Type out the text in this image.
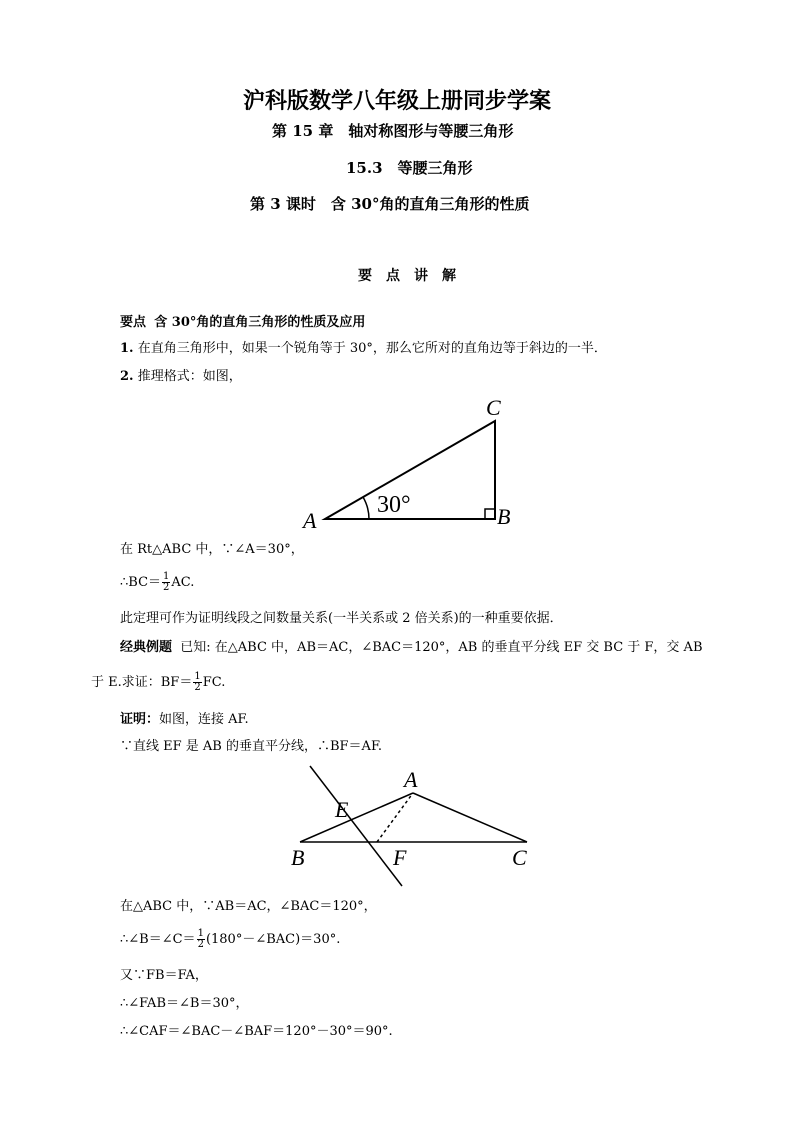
沪科版数学八年级上册同步学案
第 15 章　轴对称图形与等腰三角形
15.3　等腰三角形
第 3 课时　含 30°角的直角三角形的性质
要　点　讲　解
要点 含 30°角的直角三角形的性质及应用
1. 在直角三角形中，如果一个锐角等于 30°，那么它所对的直角边等于斜边的一半．
2. 推理格式：如图，
30°
A	B
C
在 Rt△ABC 中，∵∠A＝30°，
∴BC＝ $\frac{1}{2}$ AC.
此定理可作为证明线段之间数量关系(一半关系或 2 倍关系)的一种重要依据．
经典例题 已知: 在△ABC 中，AB＝AC，∠BAC＝120°，AB 的垂直平分线 EF 交 BC 于 F，交 AB
于 E.求证：$BF= \frac{1}{2}$ FC.
证明：如图，连接 AF.
∵直线 EF 是 AB 的垂直平分线，∴BF＝AF.
A
B	C
E
F
在△ABC 中，∵AB＝AC，∠BAC＝120°，
∴∠B＝∠C＝ $\frac{1}{2}$ (180°－∠BAC)＝30°.
又∵FB＝FA，
∴∠FAB＝∠B＝30°，
∴∠CAF＝∠BAC－∠BAF＝120°－30°＝90°.
